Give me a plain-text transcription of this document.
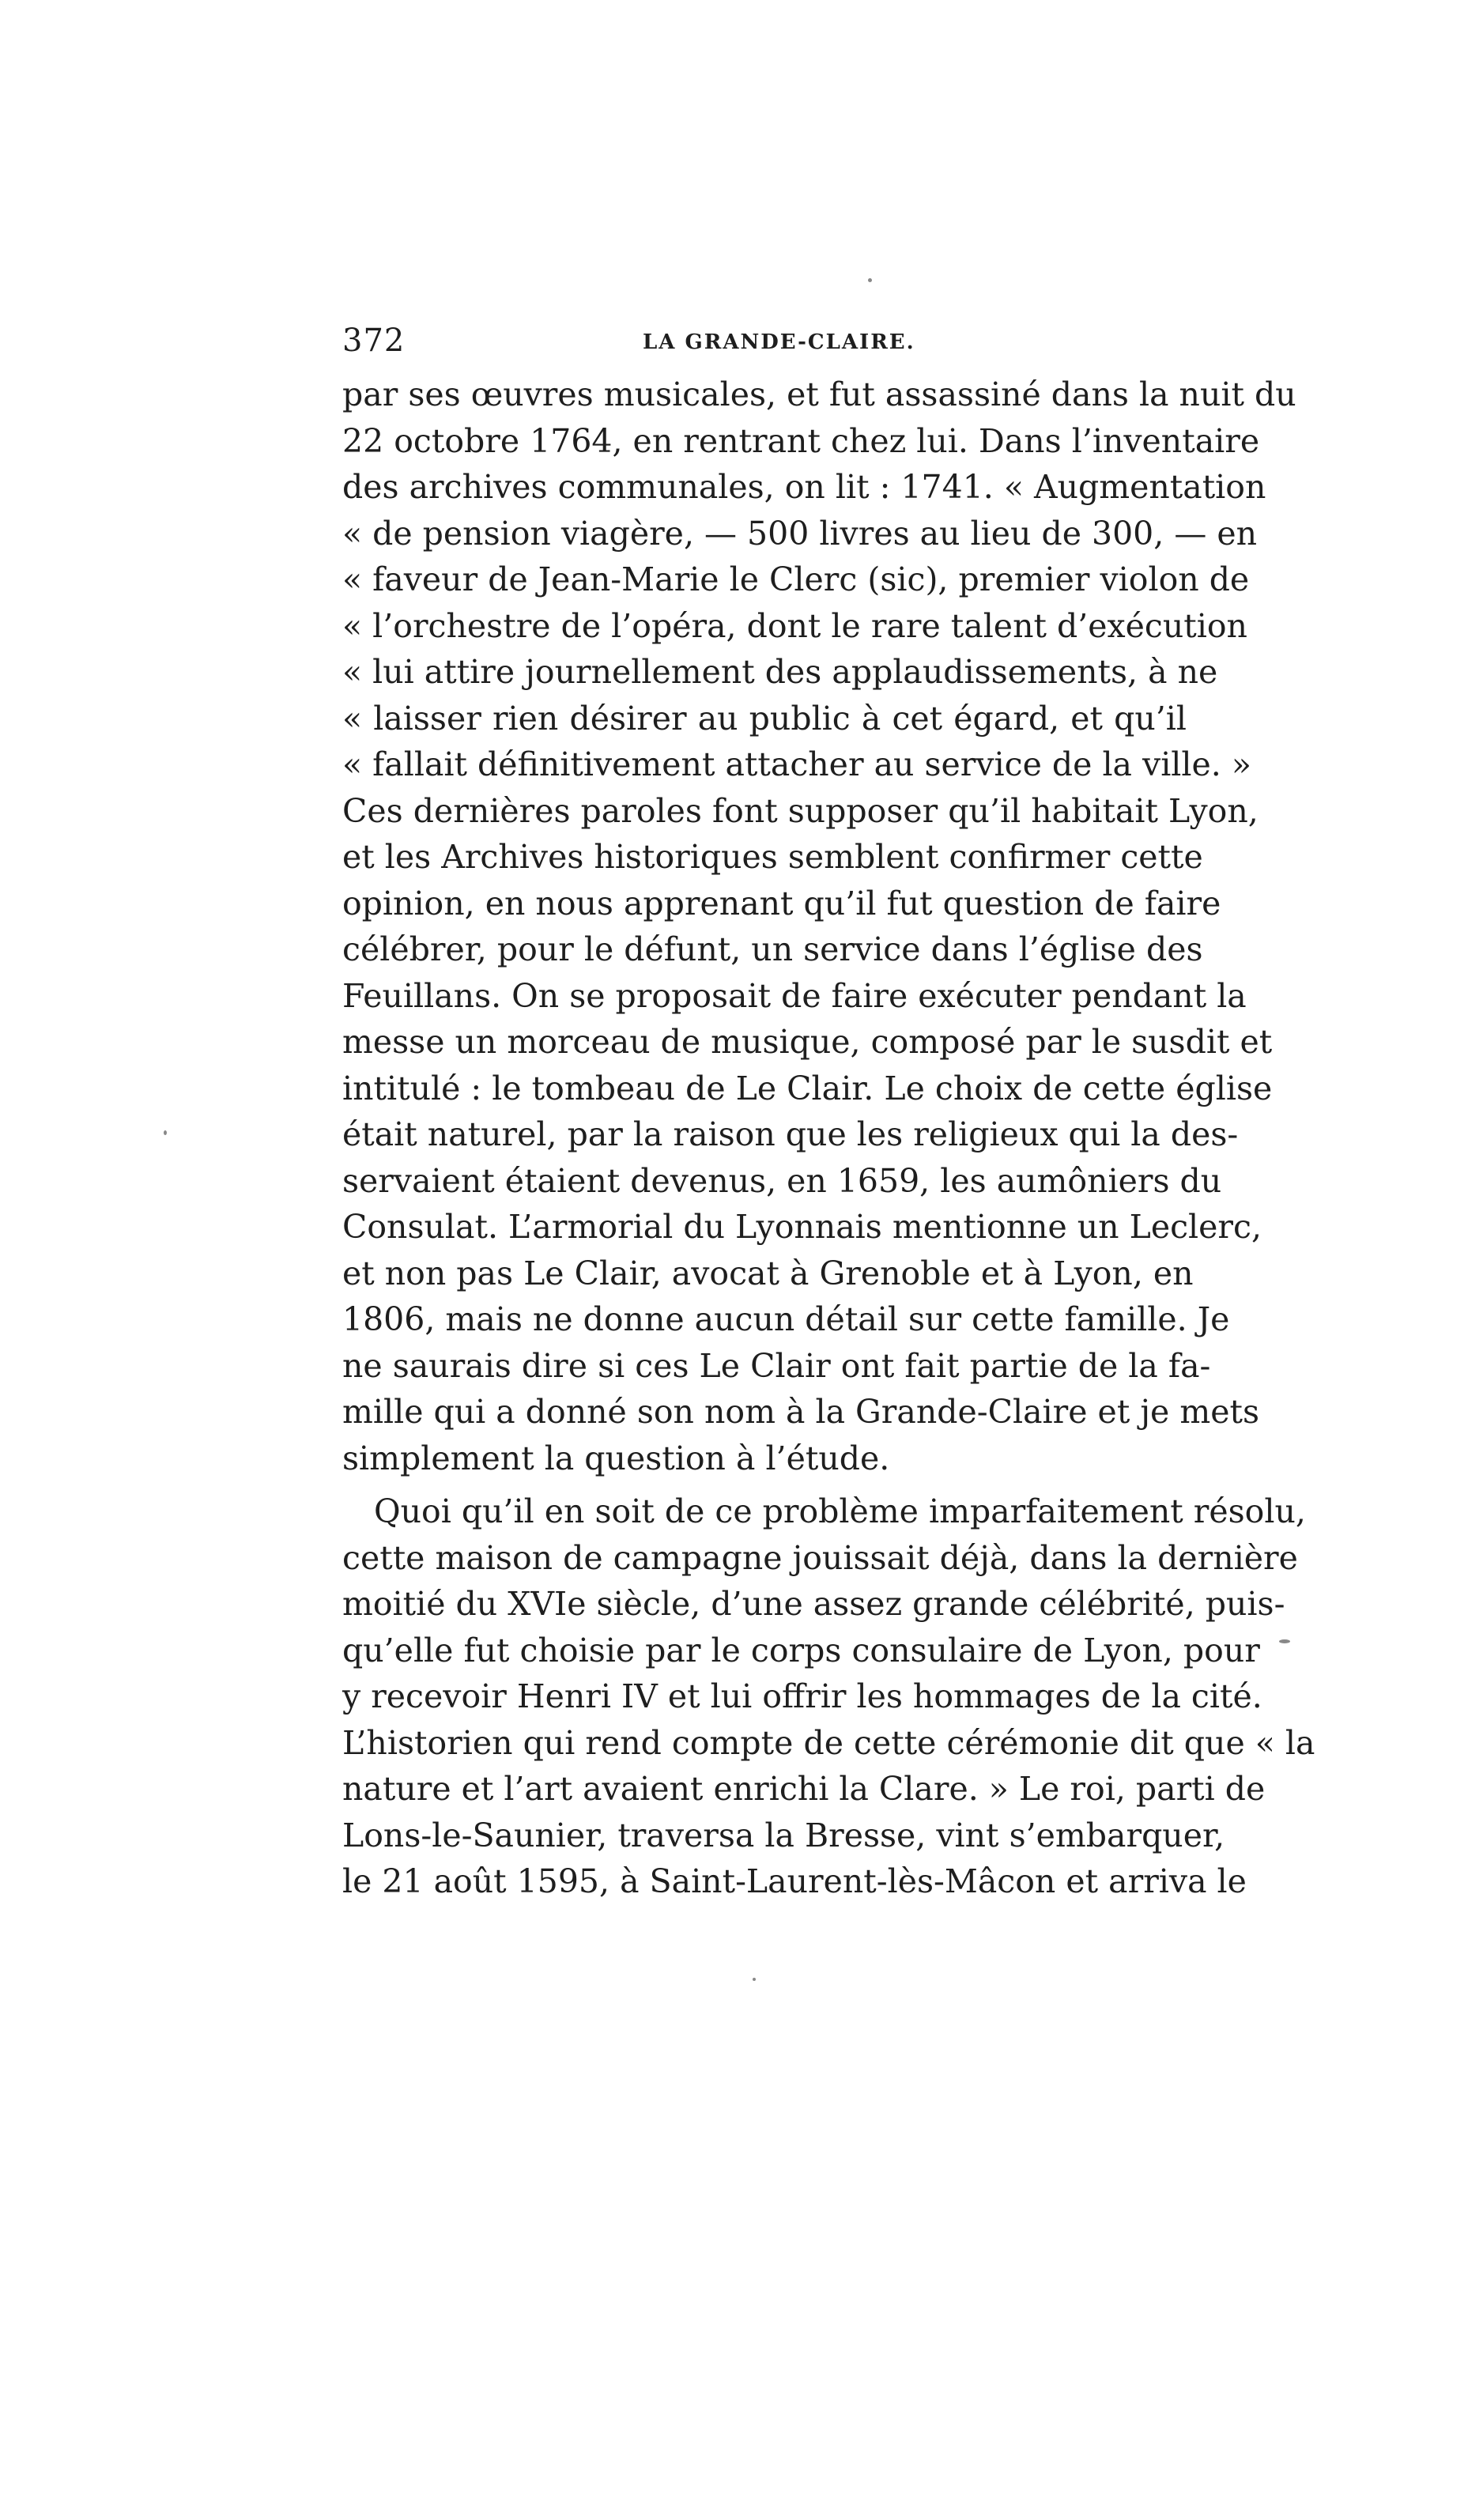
372	LA GRANDE-CLAIRE.
par ses œuvres musicales, et fut assassiné dans la nuit du
22 octobre 1764, en rentrant chez lui. Dans l’inventaire
des archives communales, on lit : 1741. « Augmentation
« de pension viagère, — 500 livres au lieu de 300, — en
« faveur de Jean-Marie le Clerc (sic), premier violon de
« l’orchestre de l’opéra, dont le rare talent d’exécution
« lui attire journellement des applaudissements, à ne
« laisser rien désirer au public à cet égard, et qu’il
« fallait définitivement attacher au service de la ville. »
Ces dernières paroles font supposer qu’il habitait Lyon,
et les Archives historiques semblent confirmer cette
opinion, en nous apprenant qu’il fut question de faire
célébrer, pour le défunt, un service dans l’église des
Feuillans. On se proposait de faire exécuter pendant la
messe un morceau de musique, composé par le susdit et
intitulé : le tombeau de Le Clair. Le choix de cette église
était naturel, par la raison que les religieux qui la des-
servaient étaient devenus, en 1659, les aumôniers du
Consulat. L’armorial du Lyonnais mentionne un Leclerc,
et non pas Le Clair, avocat à Grenoble et à Lyon, en
1806, mais ne donne aucun détail sur cette famille. Je
ne saurais dire si ces Le Clair ont fait partie de la fa-
mille qui a donné son nom à la Grande-Claire et je mets
simplement la question à l’étude.
Quoi qu’il en soit de ce problème imparfaitement résolu,
cette maison de campagne jouissait déjà, dans la dernière
moitié du XVIe siècle, d’une assez grande célébrité, puis-
qu’elle fut choisie par le corps consulaire de Lyon, pour
y recevoir Henri IV et lui offrir les hommages de la cité.
L’historien qui rend compte de cette cérémonie dit que « la
nature et l’art avaient enrichi la Clare. » Le roi, parti de
Lons-le-Saunier, traversa la Bresse, vint s’embarquer,
le 21 août 1595, à Saint-Laurent-lès-Mâcon et arriva le
